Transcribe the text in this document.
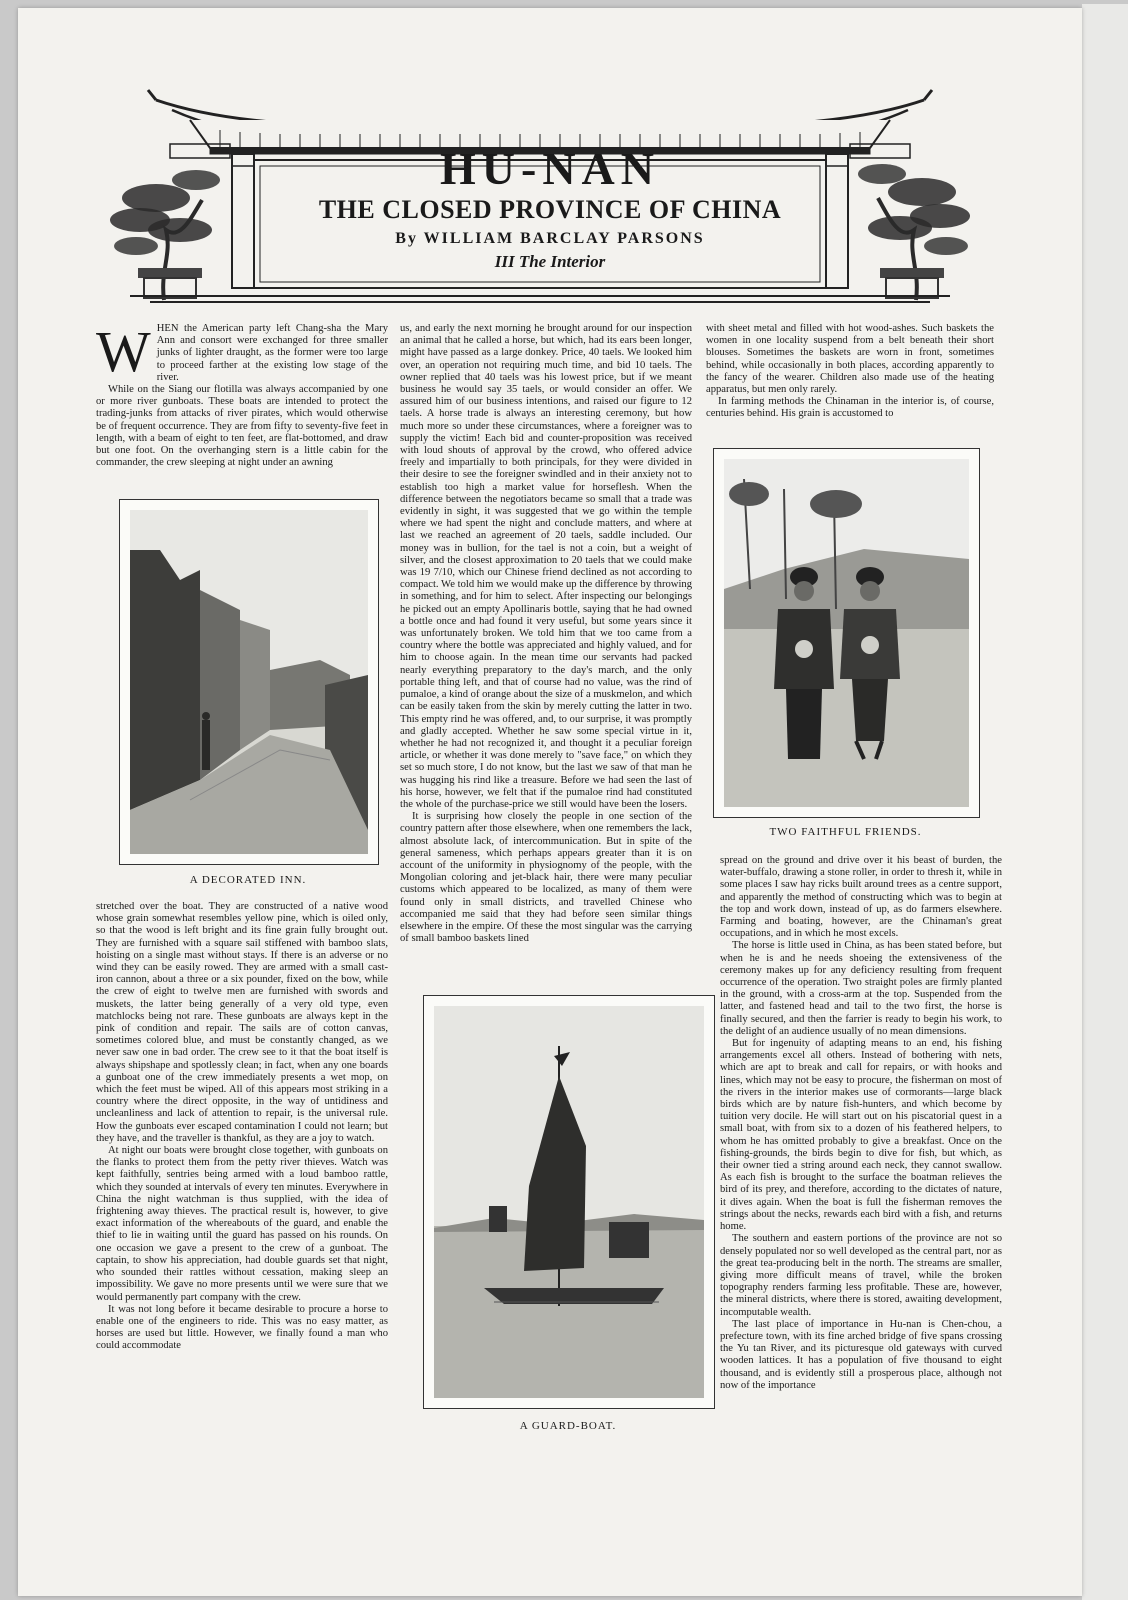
HU-NAN
THE CLOSED PROVINCE OF CHINA
By WILLIAM BARCLAY PARSONS
III The Interior
W HEN the American party left Chang-sha the Mary Ann and consort were exchanged for three smaller junks of lighter draught, as the former were too large to proceed farther at the existing low stage of the river.

While on the Siang our flotilla was always accompanied by one or more river gunboats. These boats are intended to protect the trading-junks from attacks of river pirates, which would otherwise be of frequent occurrence. They are from fifty to seventy-five feet in length, with a beam of eight to ten feet, are flat-bottomed, and draw but one foot. On the overhanging stern is a little cabin for the commander, the crew sleeping at night under an awning

A DECORATED INN.

stretched over the boat. They are constructed of a native wood whose grain somewhat resembles yellow pine, which is oiled only, so that the wood is left bright and its fine grain fully brought out. They are furnished with a square sail stiffened with bamboo slats, hoisting on a single mast without stays. If there is an adverse or no wind they can be easily rowed. They are armed with a small cast-iron cannon, about a three or a six pounder, fixed on the bow, while the crew of eight to twelve men are furnished with swords and muskets, the latter being generally of a very old type, even matchlocks being not rare. These gunboats are always kept in the pink of condition and repair. The sails are of cotton canvas, sometimes colored blue, and must be constantly changed, as we never saw one in bad order. The crew see to it that the boat itself is always shipshape and spotlessly clean; in fact, when any one boards a gunboat one of the crew immediately presents a wet mop, on which the feet must be wiped. All of this appears most striking in a country where the direct opposite, in the way of untidiness and uncleanliness and lack of attention to repair, is the universal rule. How the gunboats ever escaped contamination I could not learn; but they have, and the traveller is thankful, as they are a joy to watch.

At night our boats were brought close together, with gunboats on the flanks to protect them from the petty river thieves. Watch was kept faithfully, sentries being armed with a loud bamboo rattle, which they sounded at intervals of every ten minutes. Everywhere in China the night watchman is thus supplied, with the idea of frightening away thieves. The practical result is, however, to give exact information of the whereabouts of the guard, and enable the thief to lie in waiting until the guard has passed on his rounds. On one occasion we gave a present to the crew of a gunboat. The captain, to show his appreciation, had double guards set that night, who sounded their rattles without cessation, making sleep an impossibility. We gave no more presents until we were sure that we would permanently part company with the crew.

It was not long before it became desirable to procure a horse to enable one of the engineers to ride. This was no easy matter, as horses are used but little. However, we finally found a man who could accommodate

us, and early the next morning he brought around for our inspection an animal that he called a horse, but which, had its ears been longer, might have passed as a large donkey. Price, 40 taels. We looked him over, an operation not requiring much time, and bid 10 taels. The owner replied that 40 taels was his lowest price, but if we meant business he would say 35 taels, or would consider an offer. We assured him of our business intentions, and raised our figure to 12 taels. A horse trade is always an interesting ceremony, but how much more so under these circumstances, where a foreigner was to supply the victim! Each bid and counter-proposition was received with loud shouts of approval by the crowd, who offered advice freely and impartially to both principals, for they were divided in their desire to see the foreigner swindled and in their anxiety not to establish too high a market value for horseflesh. When the difference between the negotiators became so small that a trade was evidently in sight, it was suggested that we go within the temple where we had spent the night and conclude matters, and where at last we reached an agreement of 20 taels, saddle included. Our money was in bullion, for the tael is not a coin, but a weight of silver, and the closest approximation to 20 taels that we could make was 19 7/10, which our Chinese friend declined as not according to compact. We told him we would make up the difference by throwing in something, and for him to select. After inspecting our belongings he picked out an empty Apollinaris bottle, saying that he had owned a bottle once and had found it very useful, but some years since it was unfortunately broken. We told him that we too came from a country where the bottle was appreciated and highly valued, and for him to choose again. In the mean time our servants had packed nearly everything preparatory to the day's march, and the only portable thing left, and that of course had no value, was the rind of pumaloe, a kind of orange about the size of a muskmelon, and which can be easily taken from the skin by merely cutting the latter in two. This empty rind he was offered, and, to our surprise, it was promptly and gladly accepted. Whether he saw some special virtue in it, whether he had not recognized it, and thought it a peculiar foreign article, or whether it was done merely to "save face," on which they set so much store, I do not know, but the last we saw of that man he was hugging his rind like a treasure. Before we had seen the last of his horse, however, we felt that if the pumaloe rind had constituted the whole of the purchase-price we still would have been the losers.

It is surprising how closely the people in one section of the country pattern after those elsewhere, when one remembers the lack, almost absolute lack, of intercommunication. But in spite of the general sameness, which perhaps appears greater than it is on account of the uniformity in physiognomy of the people, with the Mongolian coloring and jet-black hair, there were many peculiar customs which appeared to be localized, as many of them were found only in small districts, and travelled Chinese who accompanied me said that they had before seen similar things elsewhere in the empire. Of these the most singular was the carrying of small bamboo baskets lined

A GUARD-BOAT.

with sheet metal and filled with hot wood-ashes. Such baskets the women in one locality suspend from a belt beneath their short blouses. Sometimes the baskets are worn in front, sometimes behind, while occasionally in both places, according apparently to the fancy of the wearer. Children also made use of the heating apparatus, but men only rarely.

In farming methods the Chinaman in the interior is, of course, centuries behind. His grain is accustomed to

TWO FAITHFUL FRIENDS.

spread on the ground and drive over it his beast of burden, the water-buffalo, drawing a stone roller, in order to thresh it, while in some places I saw hay ricks built around trees as a centre support, and apparently the method of constructing which was to begin at the top and work down, instead of up, as do farmers elsewhere. Farming and boating, however, are the Chinaman's great occupations, and in which he most excels.

The horse is little used in China, as has been stated before, but when he is and he needs shoeing the extensiveness of the ceremony makes up for any deficiency resulting from frequent occurrence of the operation. Two straight poles are firmly planted in the ground, with a cross-arm at the top. Suspended from the latter, and fastened head and tail to the two first, the horse is finally secured, and then the farrier is ready to begin his work, to the delight of an audience usually of no mean dimensions.

But for ingenuity of adapting means to an end, his fishing arrangements excel all others. Instead of bothering with nets, which are apt to break and call for repairs, or with hooks and lines, which may not be easy to procure, the fisherman on most of the rivers in the interior makes use of cormorants—large black birds which are by nature fish-hunters, and which become by tuition very docile. He will start out on his piscatorial quest in a small boat, with from six to a dozen of his feathered helpers, to whom he has omitted probably to give a breakfast. Once on the fishing-grounds, the birds begin to dive for fish, but which, as their owner tied a string around each neck, they cannot swallow. As each fish is brought to the surface the boatman relieves the bird of its prey, and therefore, according to the dictates of nature, it dives again. When the boat is full the fisherman removes the strings about the necks, rewards each bird with a fish, and returns home.

The southern and eastern portions of the province are not so densely populated nor so well developed as the central part, nor as the great tea-producing belt in the north. The streams are smaller, giving more difficult means of travel, while the broken topography renders farming less profitable. These are, however, the mineral districts, where there is stored, awaiting development, incomputable wealth.

The last place of importance in Hu-nan is Chen-chou, a prefecture town, with its fine arched bridge of five spans crossing the Yu tan River, and its picturesque old gateways with curved wooden lattices. It has a population of five thousand to eight thousand, and is evidently still a prosperous place, although not now of the importance
